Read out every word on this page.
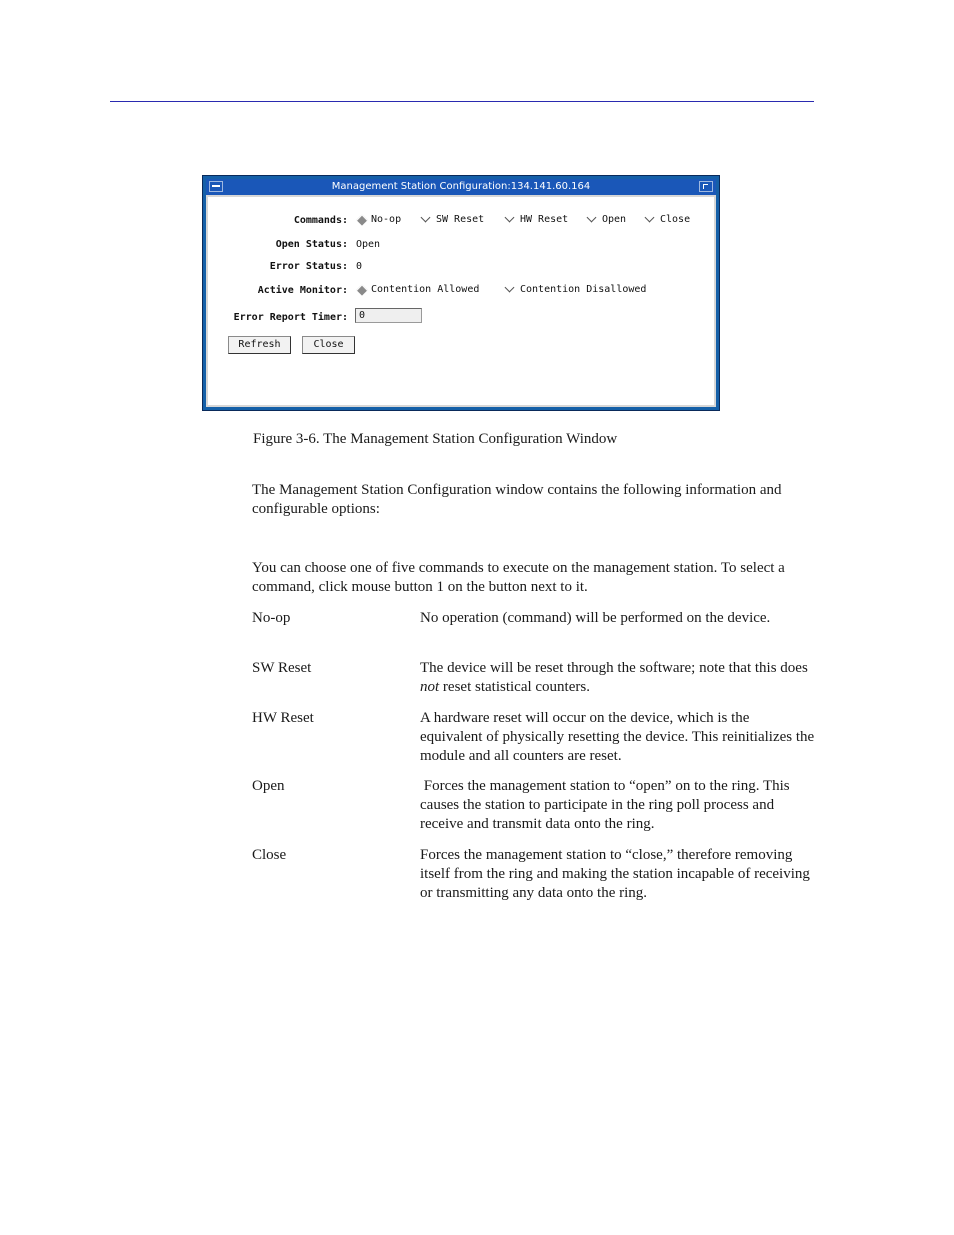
Management Station Configuration:134.141.60.164
Commands: No-op	SW Reset	HW Reset	Open	Close
Open Status: Open
Error Status: 0
Active Monitor: Contention Allowed	Contention Disallowed
Error Report Timer:	0
Refresh	Close
Figure 3-6. The Management Station Configuration Window

The Management Station Configuration window contains the following information and configurable options:

You can choose one of five commands to execute on the management station. To select a command, click mouse button 1 on the button next to it.

No-op	No operation (command) will be performed on the device.

SW Reset	The device will be reset through the software; note that this does not reset statistical counters.

HW Reset	A hardware reset will occur on the device, which is the equivalent of physically resetting the device. This reinitializes the module and all counters are reset.

Open	Forces the management station to “open” on to the ring. This causes the station to participate in the ring poll process and receive and transmit data onto the ring.

Close	Forces the management station to “close,” therefore removing itself from the ring and making the station incapable of receiving or transmitting any data onto the ring.
